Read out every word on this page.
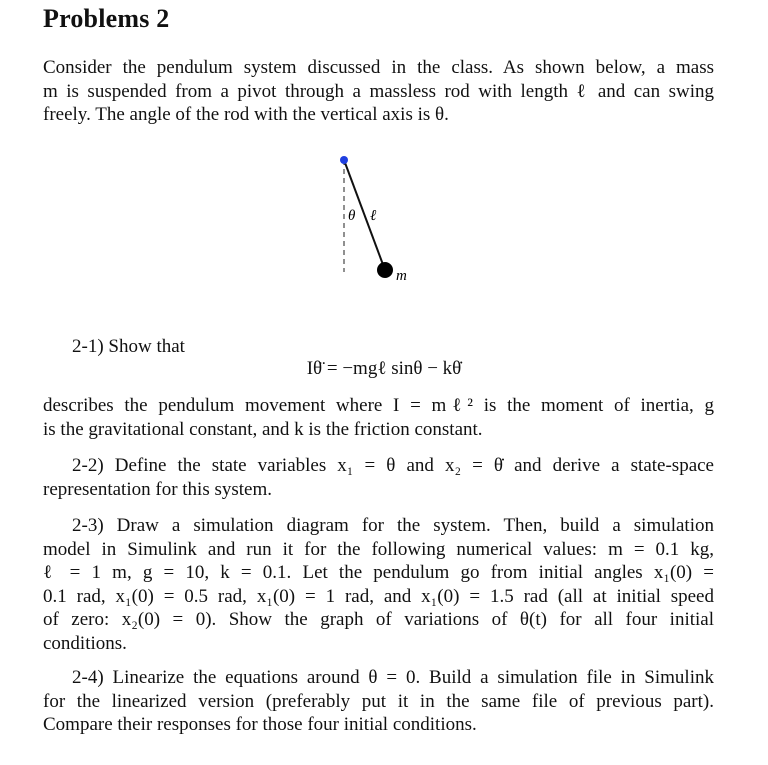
Problems 2

Consider the pendulum system discussed in the class. As shown below, a mass
m is suspended from a pivot through a massless rod with length ℓ and can swing
freely. The angle of the rod with the vertical axis is θ.

θ ℓ
m
2-1) Show that
Iθ̈ = −mgℓ sinθ − kθ̇

describes the pendulum movement where I = mℓ² is the moment of inertia, g
is the gravitational constant, and k is the friction constant.

2-2) Define the state variables x₁ = θ and x₂ = θ̇ and derive a state-space
representation for this system.

2-3) Draw a simulation diagram for the system. Then, build a simulation
model in Simulink and run it for the following numerical values: m = 0.1 kg,
ℓ = 1 m, g = 10, k = 0.1. Let the pendulum go from initial angles x₁(0) =
0.1 rad, x₁(0) = 0.5 rad, x₁(0) = 1 rad, and x₁(0) = 1.5 rad (all at initial speed
of zero: x₂(0) = 0). Show the graph of variations of θ(t) for all four initial
conditions.

2-4) Linearize the equations around θ = 0. Build a simulation file in Simulink
for the linearized version (preferably put it in the same file of previous part).
Compare their responses for those four initial conditions.
